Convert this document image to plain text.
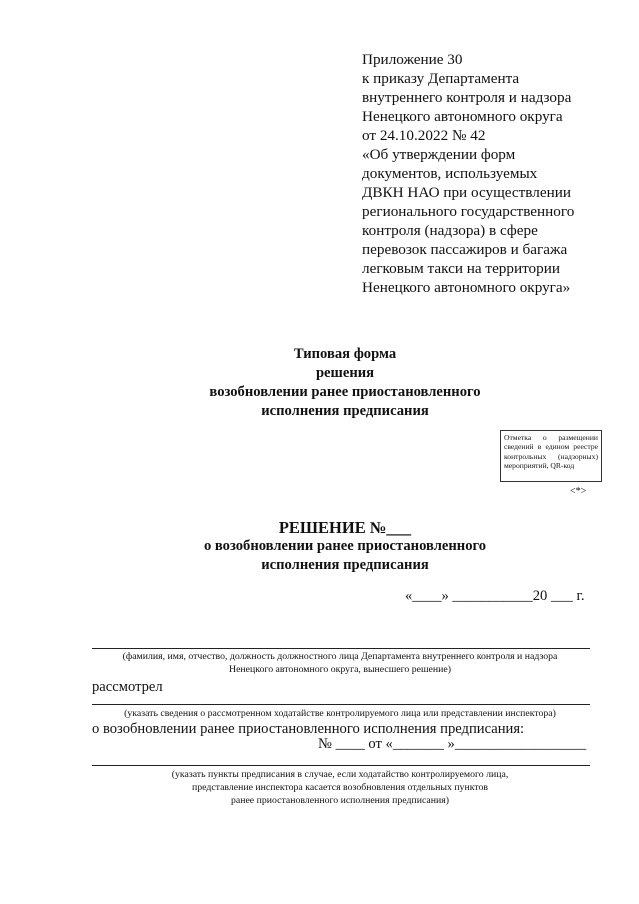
Приложение 30
к приказу Департамента
внутреннего контроля и надзора
Ненецкого автономного округа
от 24.10.2022 № 42
«Об утверждении форм
документов, используемых
ДВКН НАО при осуществлении
регионального государственного
контроля (надзора) в сфере
перевозок пассажиров и багажа
легковым такси на территории
Ненецкого автономного округа»
Типовая форма
решения
возобновлении ранее приостановленного
исполнения предписания
Отметка о размещении сведений в едином реестре контрольных (надзорных) мероприятий, QR-код
<*>
РЕШЕНИЕ №___
о возобновлении ранее приостановленного
исполнения предписания
«____» ___________20 ___ г.
(фамилия, имя, отчество, должность должностного лица Департамента внутреннего контроля и надзора
Ненецкого автономного округа, вынесшего решение)
рассмотрел
(указать сведения о рассмотренном ходатайстве контролируемого лица или представлении инспектора)
о возобновлении ранее приостановленного исполнения предписания:
№ ____ от «_______ »__________________
(указать пункты предписания в случае, если ходатайство контролируемого лица,
представление инспектора касается возобновления отдельных пунктов
ранее приостановленного исполнения предписания)
